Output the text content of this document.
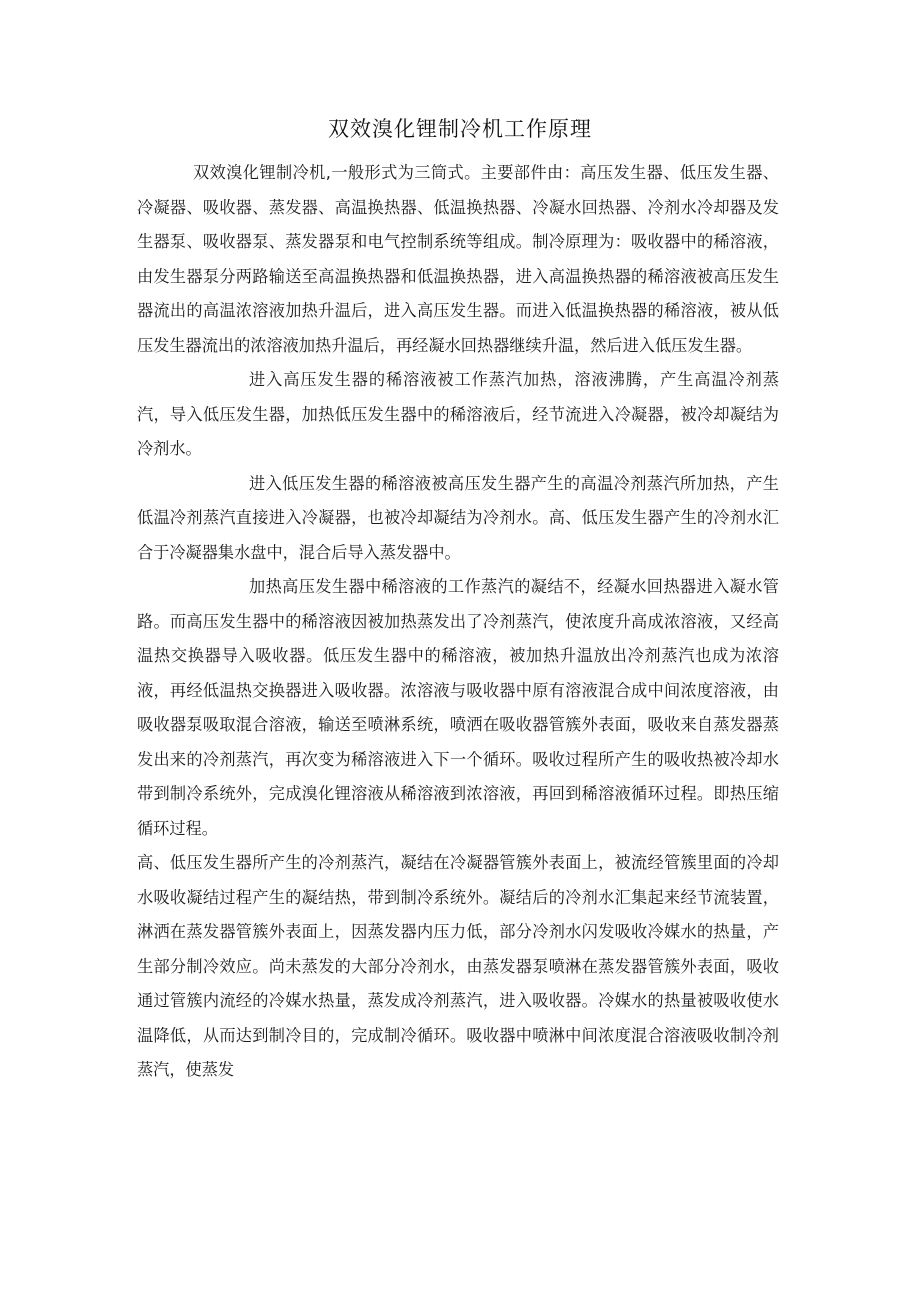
双效溴化锂制冷机工作原理

双效溴化锂制冷机,一般形式为三筒式。主要部件由：高压发生器、低压发生器、冷凝器、吸收器、蒸发器、高温换热器、低温换热器、冷凝水回热器、冷剂水冷却器及发生器泵、吸收器泵、蒸发器泵和电气控制系统等组成。制冷原理为：吸收器中的稀溶液，由发生器泵分两路输送至高温换热器和低温换热器，进入高温换热器的稀溶液被高压发生器流出的高温浓溶液加热升温后，进入高压发生器。而进入低温换热器的稀溶液，被从低压发生器流出的浓溶液加热升温后，再经凝水回热器继续升温，然后进入低压发生器。

进入高压发生器的稀溶液被工作蒸汽加热，溶液沸腾，产生高温冷剂蒸汽，导入低压发生器，加热低压发生器中的稀溶液后，经节流进入冷凝器，被冷却凝结为冷剂水。

进入低压发生器的稀溶液被高压发生器产生的高温冷剂蒸汽所加热，产生低温冷剂蒸汽直接进入冷凝器，也被冷却凝结为冷剂水。高、低压发生器产生的冷剂水汇合于冷凝器集水盘中，混合后导入蒸发器中。

加热高压发生器中稀溶液的工作蒸汽的凝结不，经凝水回热器进入凝水管路。而高压发生器中的稀溶液因被加热蒸发出了冷剂蒸汽，使浓度升高成浓溶液，又经高温热交换器导入吸收器。低压发生器中的稀溶液，被加热升温放出冷剂蒸汽也成为浓溶液，再经低温热交换器进入吸收器。浓溶液与吸收器中原有溶液混合成中间浓度溶液，由吸收器泵吸取混合溶液，输送至喷淋系统，喷洒在吸收器管簇外表面，吸收来自蒸发器蒸发出来的冷剂蒸汽，再次变为稀溶液进入下一个循环。吸收过程所产生的吸收热被冷却水带到制冷系统外，完成溴化锂溶液从稀溶液到浓溶液，再回到稀溶液循环过程。即热压缩循环过程。

高、低压发生器所产生的冷剂蒸汽，凝结在冷凝器管簇外表面上，被流经管簇里面的冷却水吸收凝结过程产生的凝结热，带到制冷系统外。凝结后的冷剂水汇集起来经节流装置，淋洒在蒸发器管簇外表面上，因蒸发器内压力低，部分冷剂水闪发吸收冷媒水的热量，产生部分制冷效应。尚未蒸发的大部分冷剂水，由蒸发器泵喷淋在蒸发器管簇外表面，吸收通过管簇内流经的冷媒水热量，蒸发成冷剂蒸汽，进入吸收器。冷媒水的热量被吸收使水温降低，从而达到制冷目的，完成制冷循环。吸收器中喷淋中间浓度混合溶液吸收制冷剂蒸汽，使蒸发
